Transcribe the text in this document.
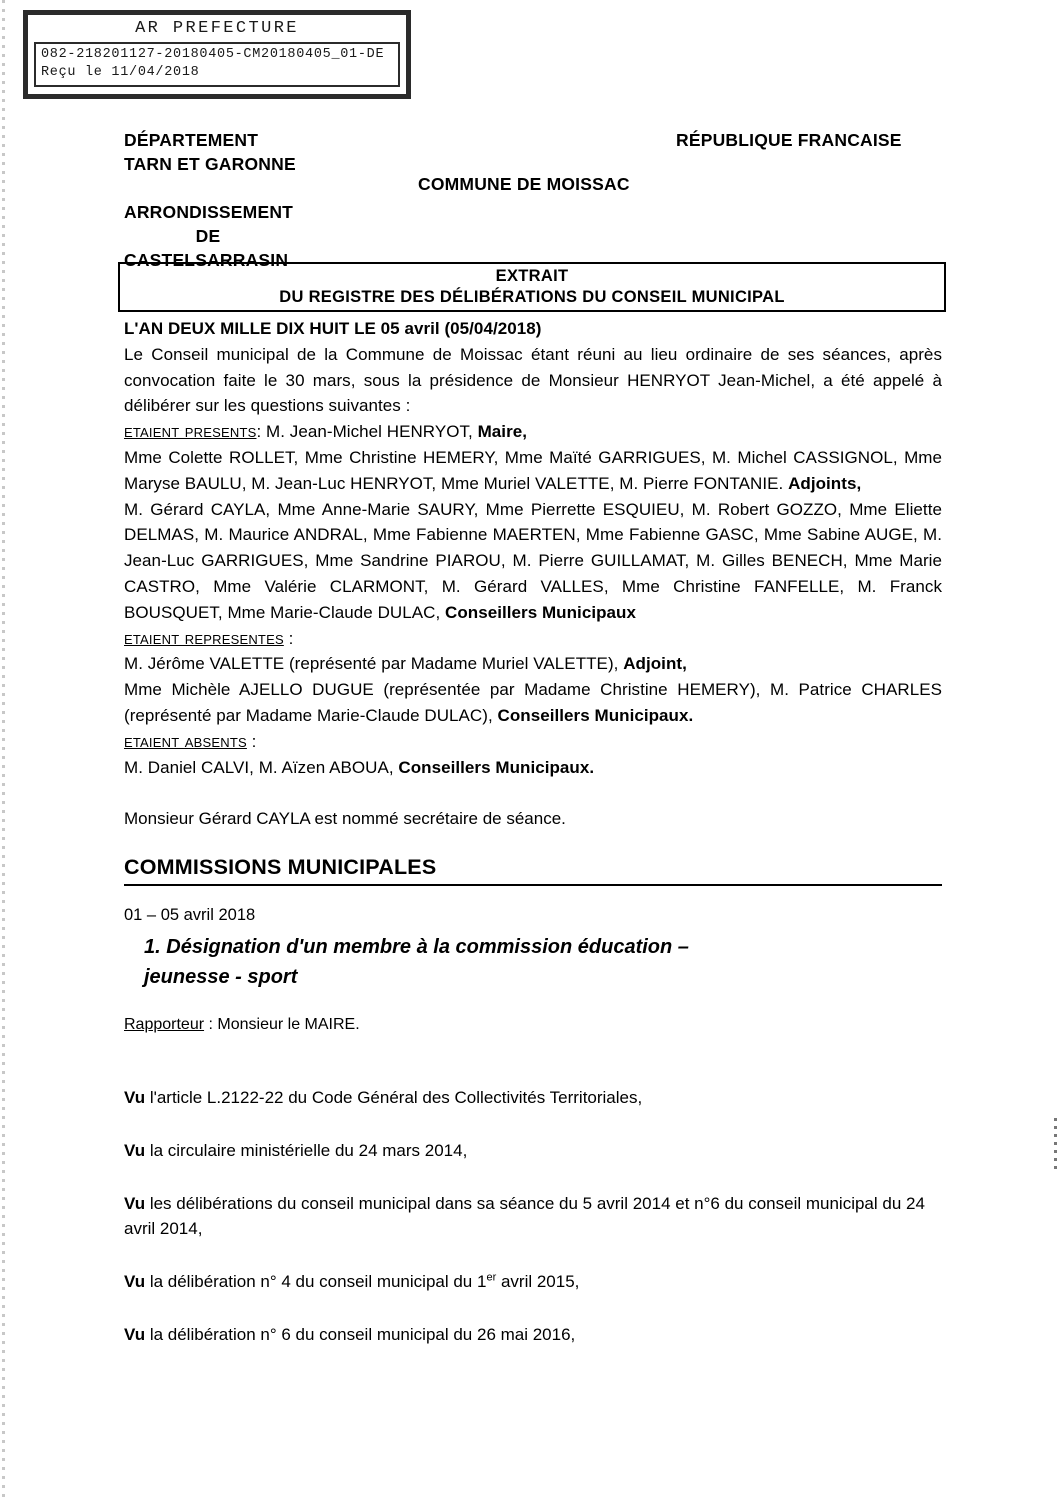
AR PREFECTURE
082-218201127-20180405-CM20180405_01-DE
Reçu le 11/04/2018
DÉPARTEMENT
TARN ET GARONNE
RÉPUBLIQUE FRANCAISE
COMMUNE DE MOISSAC
ARRONDISSEMENT
DE
CASTELSARRASIN
EXTRAIT
DU REGISTRE DES DÉLIBÉRATIONS DU CONSEIL MUNICIPAL

L'AN DEUX MILLE DIX HUIT LE 05 avril (05/04/2018)

Le Conseil municipal de la Commune de Moissac étant réuni au lieu ordinaire de ses séances, après convocation faite le 30 mars, sous la présidence de Monsieur HENRYOT Jean-Michel, a été appelé à délibérer sur les questions suivantes :

etaient presents: M. Jean-Michel HENRYOT, Maire,

Mme Colette ROLLET, Mme Christine HEMERY, Mme Maïté GARRIGUES, M. Michel CASSIGNOL, Mme Maryse BAULU, M. Jean-Luc HENRYOT, Mme Muriel VALETTE, M. Pierre FONTANIE. Adjoints,

M. Gérard CAYLA, Mme Anne-Marie SAURY, Mme Pierrette ESQUIEU, M. Robert GOZZO, Mme Eliette DELMAS, M. Maurice ANDRAL, Mme Fabienne MAERTEN, Mme Fabienne GASC, Mme Sabine AUGE, M. Jean-Luc GARRIGUES, Mme Sandrine PIAROU, M. Pierre GUILLAMAT, M. Gilles BENECH, Mme Marie CASTRO, Mme Valérie CLARMONT, M. Gérard VALLES, Mme Christine FANFELLE, M. Franck BOUSQUET, Mme Marie-Claude DULAC, Conseillers Municipaux

etaient representes :

M. Jérôme VALETTE (représenté par Madame Muriel VALETTE), Adjoint,

Mme Michèle AJELLO DUGUE (représentée par Madame Christine HEMERY), M. Patrice CHARLES (représenté par Madame Marie-Claude DULAC), Conseillers Municipaux.

etaient absents :

M. Daniel CALVI, M. Aïzen ABOUA, Conseillers Municipaux.

Monsieur Gérard CAYLA est nommé secrétaire de séance.

COMMISSIONS MUNICIPALES
01 – 05 avril 2018
1. Désignation d'un membre à la commission éducation –
jeunesse - sport
Rapporteur : Monsieur le MAIRE.

Vu l'article L.2122-22 du Code Général des Collectivités Territoriales,

Vu la circulaire ministérielle du 24 mars 2014,

Vu les délibérations du conseil municipal dans sa séance du 5 avril 2014 et n°6 du conseil municipal du 24 avril 2014,

Vu la délibération n° 4 du conseil municipal du 1er avril 2015,

Vu la délibération n° 6 du conseil municipal du 26 mai 2016,
